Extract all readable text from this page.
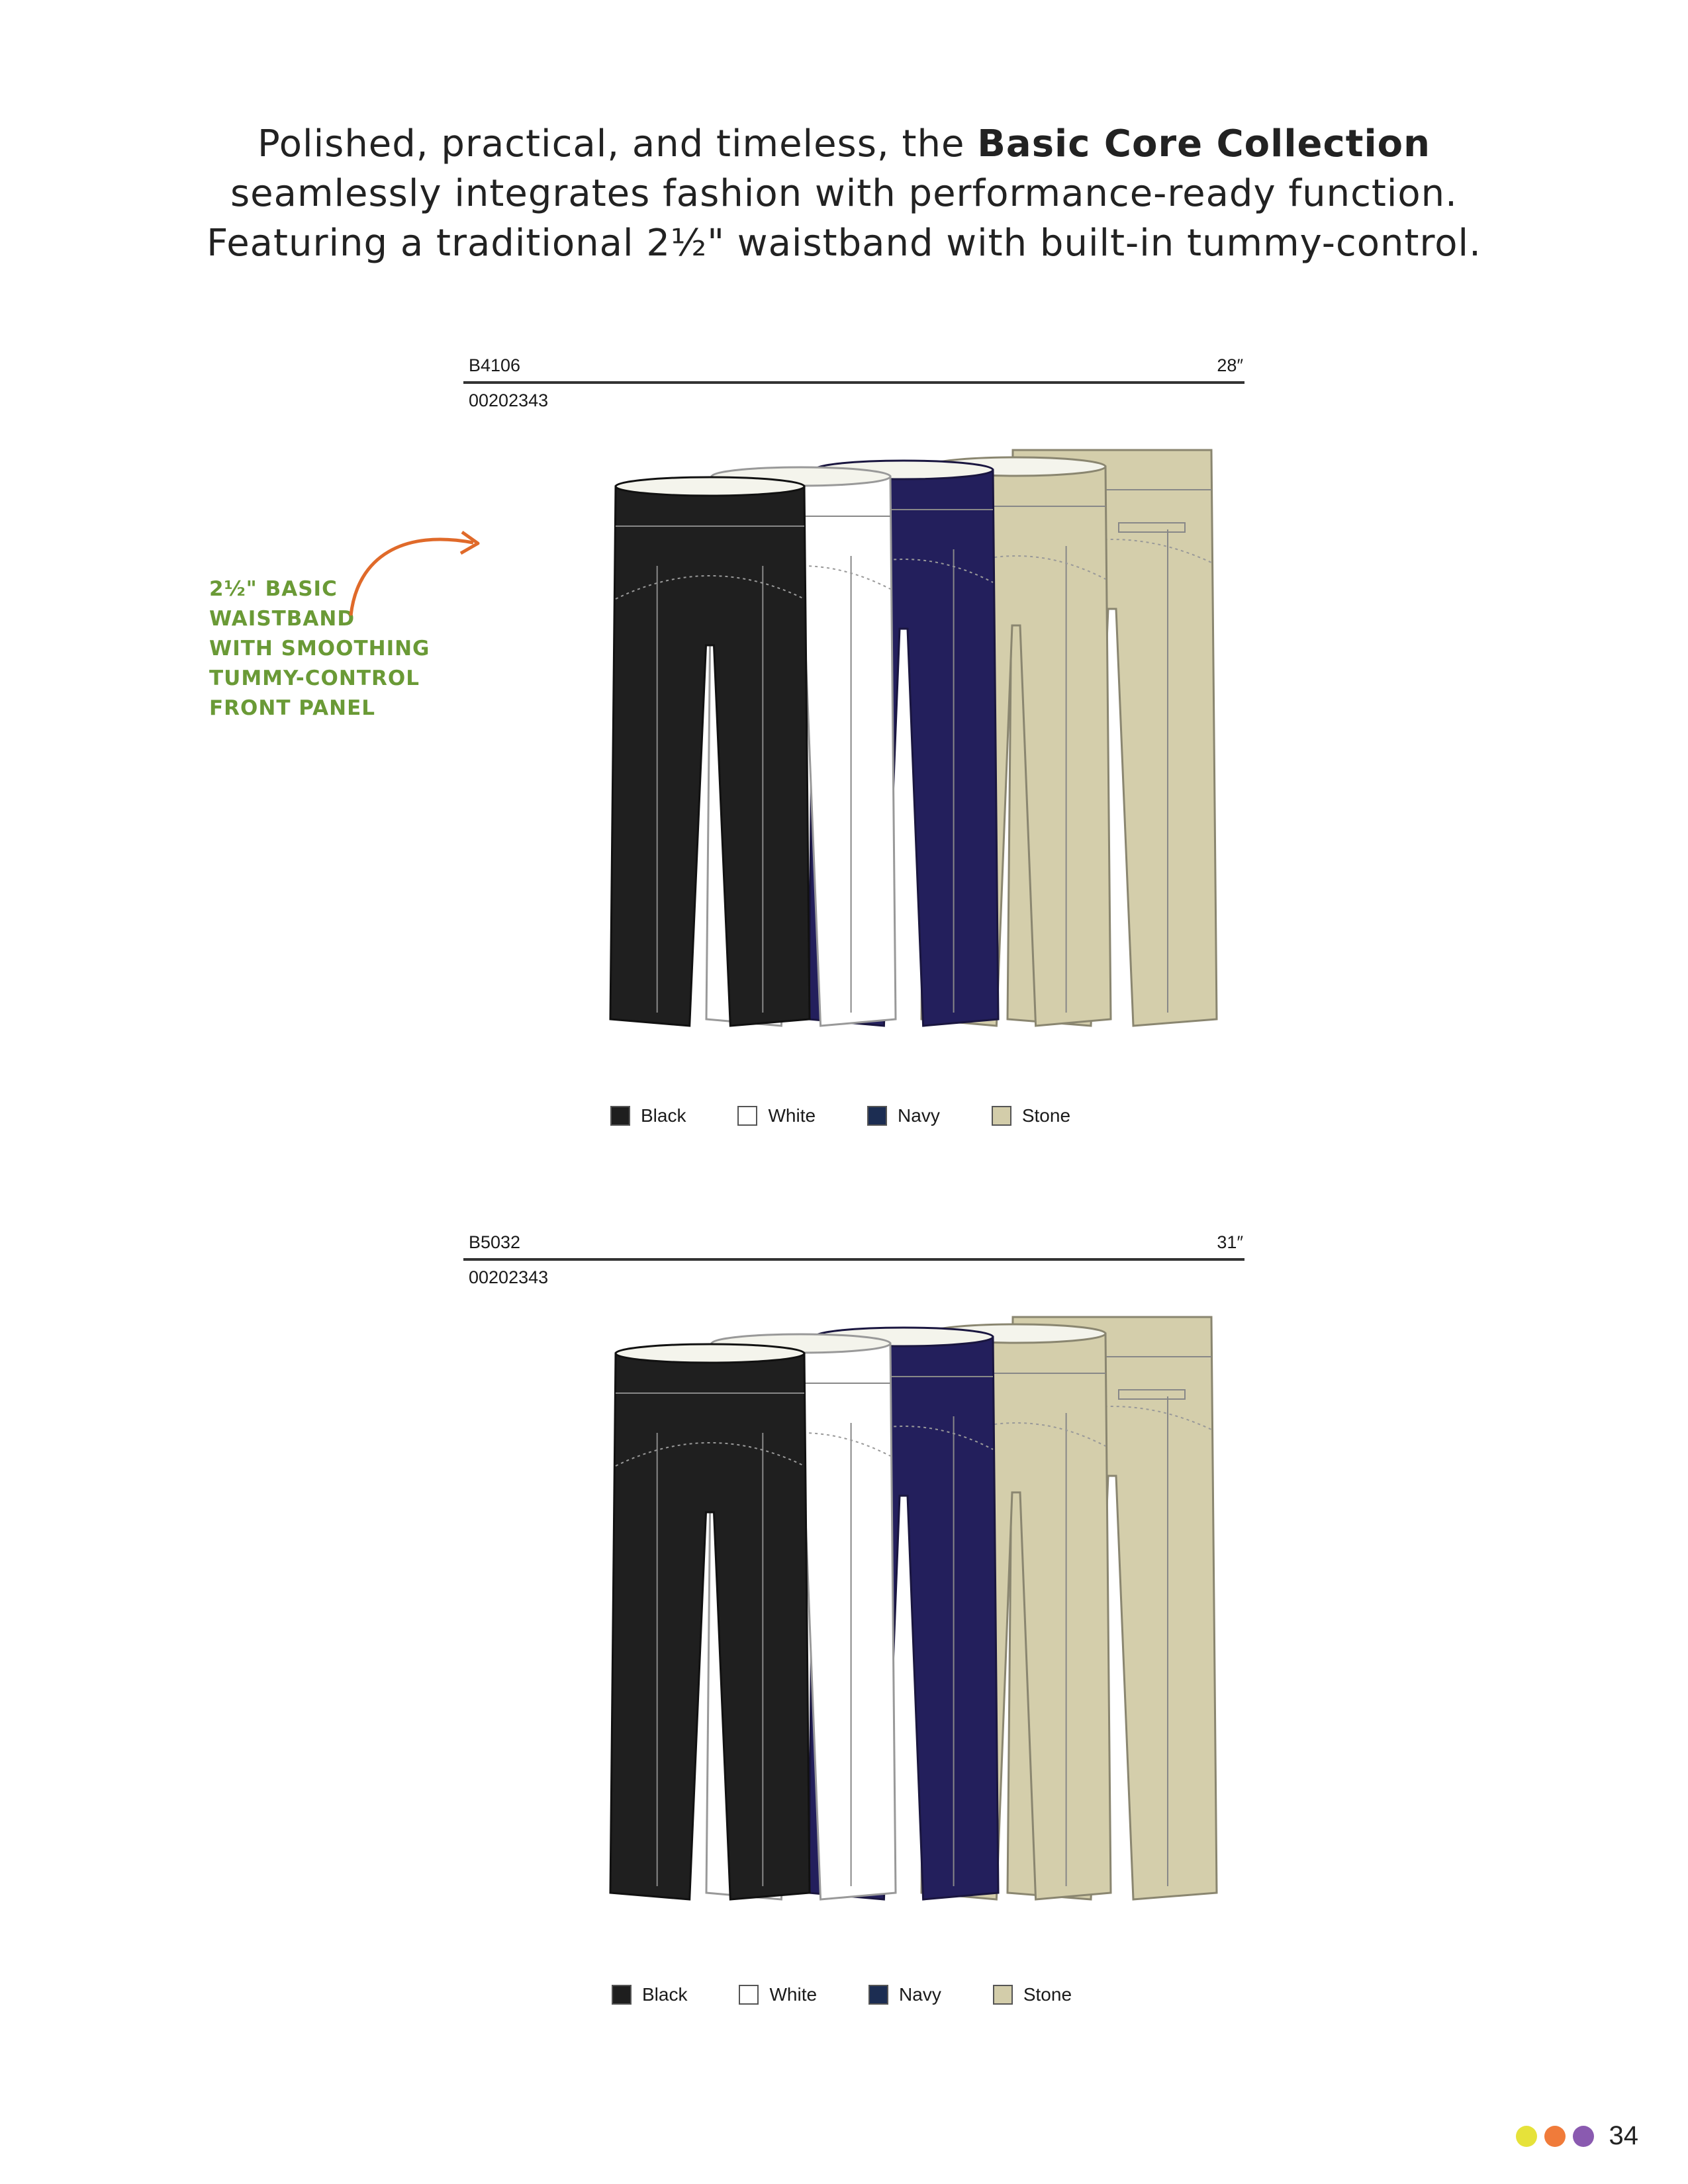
Polished, practical, and timeless, the Basic Core Collection
seamlessly integrates fashion with performance-ready function.
Featuring a traditional 2½" waistband with built-in tummy-control.
2½" BASIC
WAISTBAND
WITH SMOOTHING
TUMMY-CONTROL
FRONT PANEL
B4106	28″
00202343
Black	White	Navy	Stone
B5032	31″
00202343
Black	White	Navy	Stone
34
